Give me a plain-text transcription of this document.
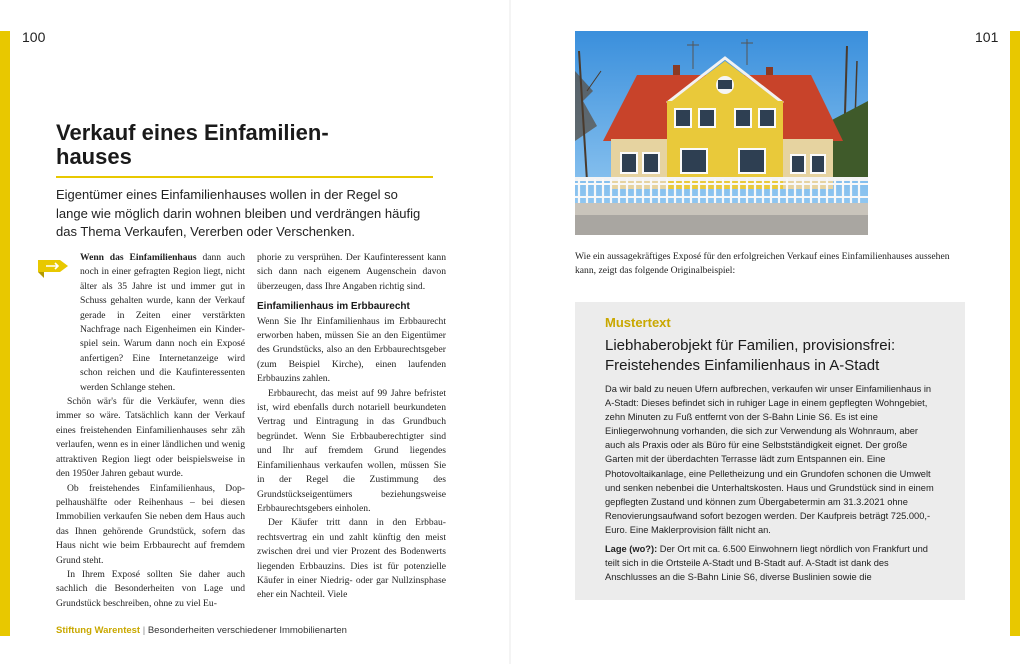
100	101
Verkauf eines Einfamilien-
hauses

Eigentümer eines Einfamilienhauses wollen in der Regel so lange wie möglich darin wohnen bleiben und verdrängen häufig das Thema Verkaufen, Vererben oder Verschenken.

Wenn das Einfamilienhaus dann auch noch in einer gefragten Region liegt, nicht älter als 35 Jahre ist und immer gut in Schuss gehalten wurde, kann der Verkauf gerade in Zeiten einer verstärkten Nachfrage nach Eigenheimen ein Kinderspiel sein. Warum dann noch ein Exposé anfertigen? Eine Internetanzeige wird schon reichen und die Kaufinteressenten werden Schlange stehen.

Schön wär's für die Verkäufer, wenn dies immer so wäre. Tatsächlich kann der Verkauf eines freistehenden Einfamilienhauses sehr zäh verlaufen, wenn es in einer ländlichen und wenig attraktiven Region liegt oder beispielsweise in den 1950er Jahren gebaut wurde.

Ob freistehendes Einfamilienhaus, Doppelhaushälfte oder Reihenhaus – bei diesen Immobilien verkaufen Sie neben dem Haus auch das Ihnen gehörende Grundstück, sofern das Haus nicht wie beim Erbbaurecht auf fremdem Grund steht.

In Ihrem Exposé sollten Sie daher auch sachlich die Besonderheiten von Lage und Grundstück beschreiben, ohne zu viel Eu-

phorie zu versprühen. Der Kaufinteressent kann sich dann nach eigenem Augenschein davon überzeugen, dass Ihre Angaben richtig sind.

Einfamilienhaus im Erbbaurecht

Wenn Sie Ihr Einfamilienhaus im Erbbaurecht erworben haben, müssen Sie an den Eigentümer des Grundstücks, also an den Erbbaurechtsgeber (zum Beispiel Kirche), einen laufenden Erbbauzins zahlen.

Erbbaurecht, das meist auf 99 Jahre befristet ist, wird ebenfalls durch notariell beurkundeten Vertrag und Eintragung in das Grundbuch begründet. Wenn Sie Erbbauberechtigter sind und Ihr auf fremdem Grund liegendes Einfamilienhaus verkaufen wollen, müssen Sie in der Regel die Zustimmung des Grundstückseigentümers beziehungsweise Erbbaurechtsgebers einholen.

Der Käufer tritt dann in den Erbbaurechtsvertrag ein und zahlt künftig den meist zwischen drei und vier Prozent des Bodenwerts liegenden Erbbauzins. Dies ist für potenzielle Käufer in einer Niedrig- oder gar Nullzinsphase eher ein Nachteil. Viele

Stiftung Warentest | Besonderheiten verschiedener Immobilienarten

Wie ein aussagekräftiges Exposé für den erfolgreichen Verkauf eines Einfamilienhauses aussehen kann, zeigt das folgende Originalbeispiel:

Mustertext
Liebhaberobjekt für Familien, provisionsfrei:
Freistehendes Einfamilienhaus in A-Stadt

Da wir bald zu neuen Ufern aufbrechen, verkaufen wir unser Einfamilienhaus in A-Stadt: Dieses befindet sich in ruhiger Lage in einem gepflegten Wohngebiet, zehn Minuten zu Fuß entfernt von der S-Bahn Linie S6. Es ist eine Einliegerwohnung vorhanden, die sich zur Verwendung als Wohnraum, aber auch als Praxis oder als Büro für eine Selbstständigkeit eignet. Der große Garten mit der überdachten Terrasse lädt zum Entspannen ein. Eine Photovoltaikanlage, eine Pelletheizung und ein Grundofen schonen die Umwelt und senken nebenbei die Unterhaltskosten. Haus und Grundstück sind in einem gepflegten Zustand und können zum Übergabetermin am 31.3.2021 ohne Renovierungsaufwand sofort bezogen werden. Der Kaufpreis beträgt 725.000,- Euro. Eine Maklerprovision fällt nicht an.

Lage (wo?): Der Ort mit ca. 6.500 Einwohnern liegt nördlich von Frankfurt und teilt sich in die Ortsteile A-Stadt und B-Stadt auf. A-Stadt ist dank des Anschlusses an die S-Bahn Linie S6, diverse Buslinien sowie die
